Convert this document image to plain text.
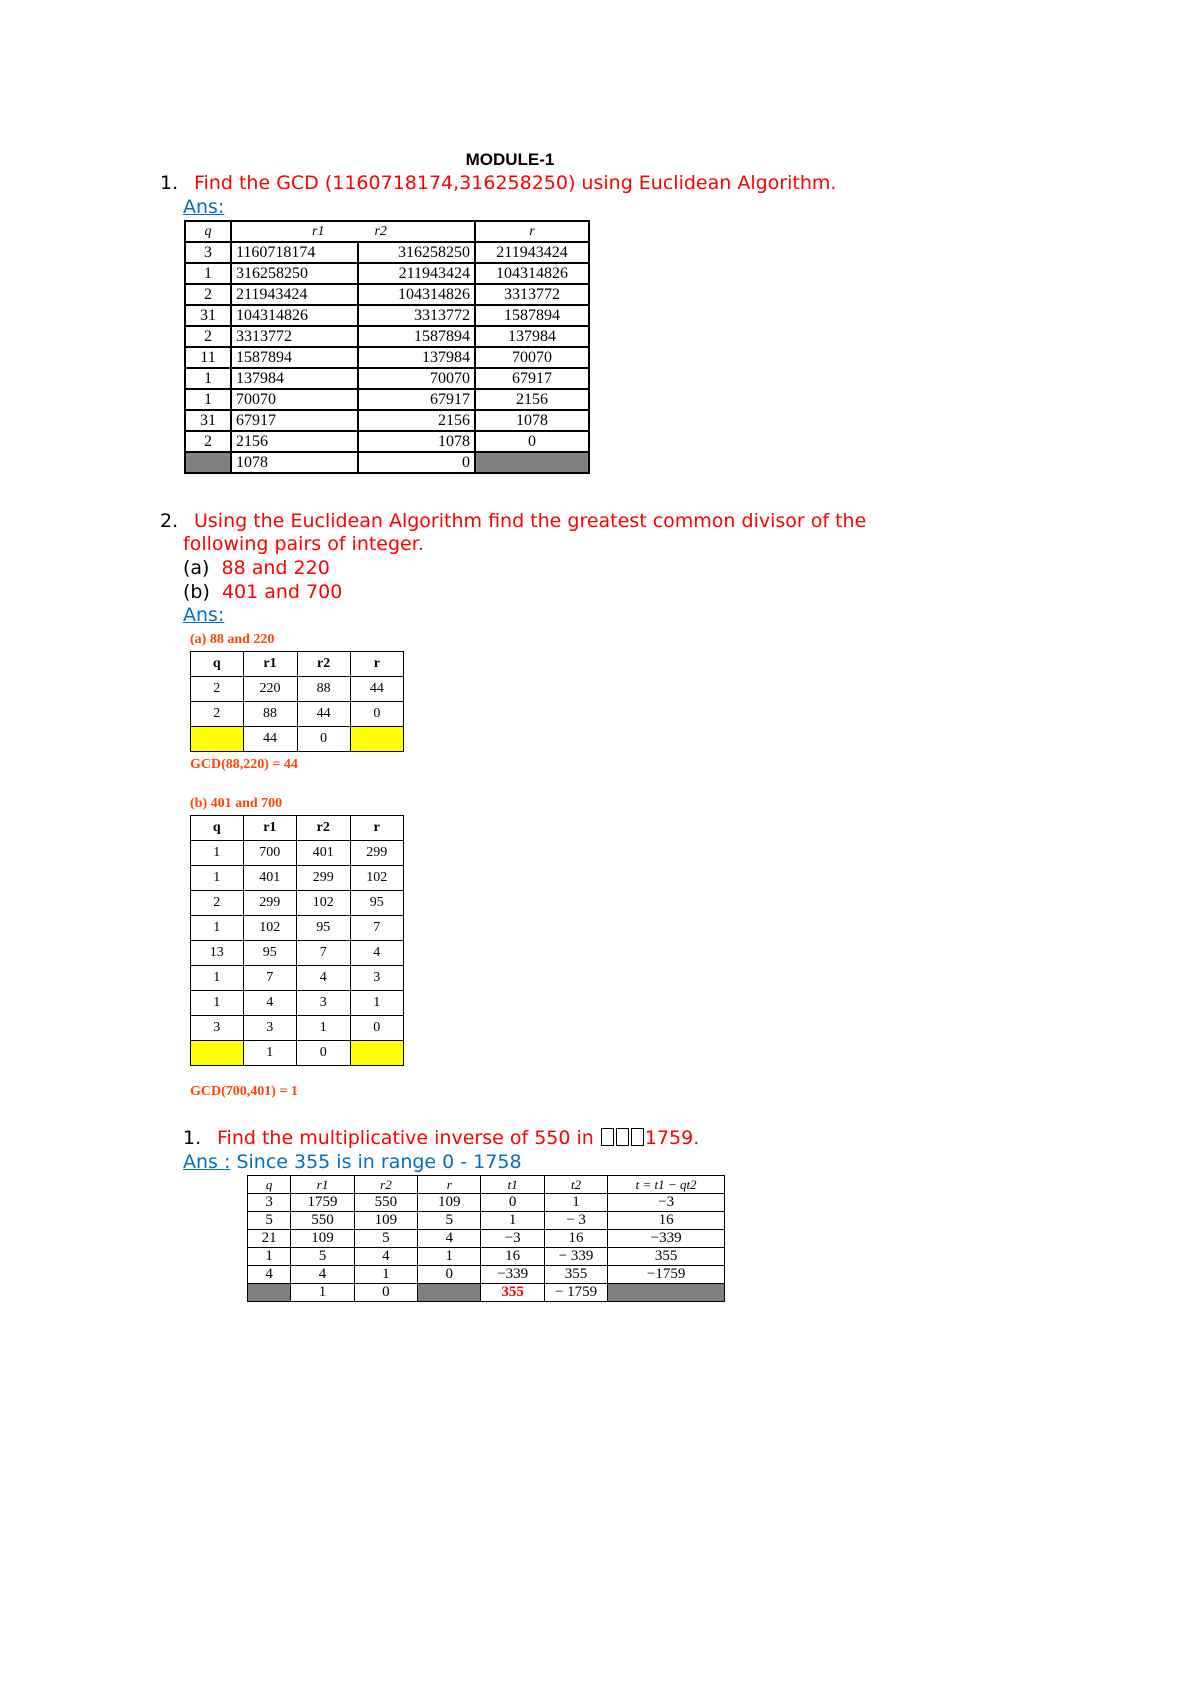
MODULE-1
1. Find the GCD (1160718174,316258250) using Euclidean Algorithm.
Ans:
q	r1 r2		r
3	1160718174	316258250	211943424
1	316258250	211943424	104314826
2	211943424	104314826	3313772
31	104314826	3313772	1587894
2	3313772	1587894	137984
11	1587894	137984	70070
1	137984	70070	67917
1	70070	67917	2156
31	67917	2156	1078
2	2156	1078	0
	1078	0	
2. Using the Euclidean Algorithm find the greatest common divisor of the
following pairs of integer.
(a) 88 and 220
(b) 401 and 700
Ans:
(a) 88 and 220
q	r1	r2	r
2	220	88	44
2	88	44	0
	44	0	
GCD(88,220) = 44
(b) 401 and 700
q	r1	r2	r
1	700	401	299
1	401	299	102
2	299	102	95
1	102	95	7
13	95	7	4
1	7	4	3
1	4	3	1
3	3	1	0
	1	0	
GCD(700,401) = 1
1. Find the multiplicative inverse of 550 in	1759.
Ans : Since 355 is in range 0 - 1758
q	r1	r2	r	t1	t2	t = t1 − qt2
3	1759	550	109	0	1	−3
5	550	109	5	1	− 3	16
21	109	5	4	−3	16	−339
1	5	4	1	16	− 339	355
4	4	1	0	−339	355	−1759
	1	0		355	− 1759	
